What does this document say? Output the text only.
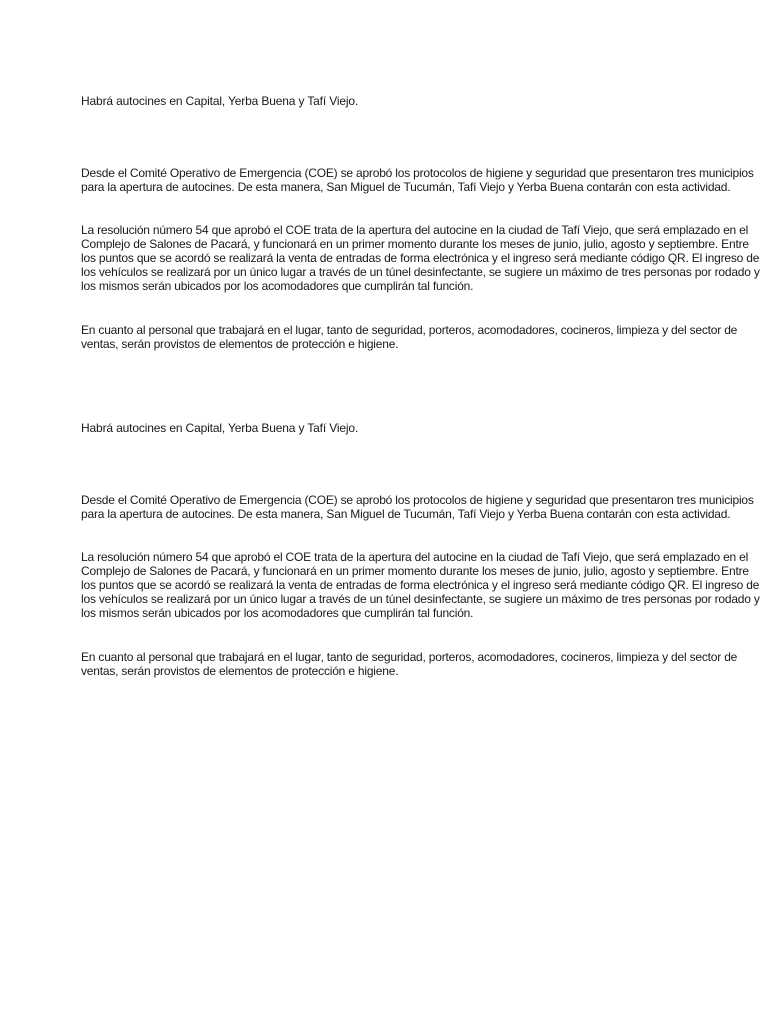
Habrá autocines en Capital, Yerba Buena y Tafí Viejo.

Desde el Comité Operativo de Emergencia (COE) se aprobó los protocolos de higiene y seguridad que presentaron tres municipios para la apertura de autocines. De esta manera, San Miguel de Tucumán, Tafí Viejo y Yerba Buena contarán con esta actividad.

La resolución número 54 que aprobó el COE trata de la apertura del autocine en la ciudad de Tafí Viejo, que será emplazado en el Complejo de Salones de Pacará, y funcionará en un primer momento durante los meses de junio, julio, agosto y septiembre. Entre los puntos que se acordó se realizará la venta de entradas de forma electrónica y el ingreso será mediante código QR. El ingreso de los vehículos se realizará por un único lugar a través de un túnel desinfectante, se sugiere un máximo de tres personas por rodado y los mismos serán ubicados por los acomodadores que cumplirán tal función.

En cuanto al personal que trabajará en el lugar, tanto de seguridad, porteros, acomodadores, cocineros, limpieza y del sector de ventas, serán provistos de elementos de protección e higiene.

Habrá autocines en Capital, Yerba Buena y Tafí Viejo.

Desde el Comité Operativo de Emergencia (COE) se aprobó los protocolos de higiene y seguridad que presentaron tres municipios para la apertura de autocines. De esta manera, San Miguel de Tucumán, Tafí Viejo y Yerba Buena contarán con esta actividad.

La resolución número 54 que aprobó el COE trata de la apertura del autocine en la ciudad de Tafí Viejo, que será emplazado en el Complejo de Salones de Pacará, y funcionará en un primer momento durante los meses de junio, julio, agosto y septiembre. Entre los puntos que se acordó se realizará la venta de entradas de forma electrónica y el ingreso será mediante código QR. El ingreso de los vehículos se realizará por un único lugar a través de un túnel desinfectante, se sugiere un máximo de tres personas por rodado y los mismos serán ubicados por los acomodadores que cumplirán tal función.

En cuanto al personal que trabajará en el lugar, tanto de seguridad, porteros, acomodadores, cocineros, limpieza y del sector de ventas, serán provistos de elementos de protección e higiene.
